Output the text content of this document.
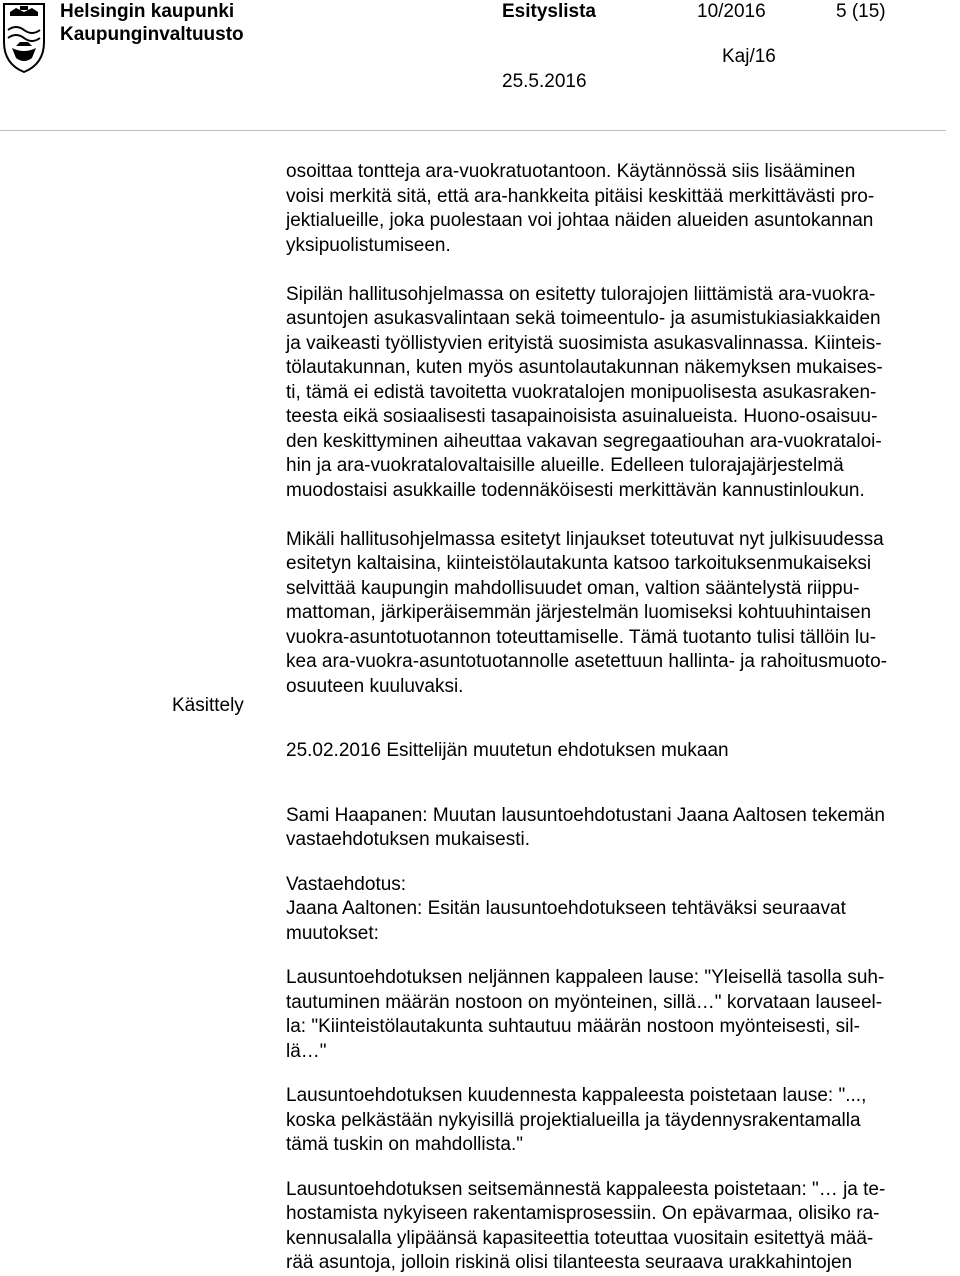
Helsingin kaupunki
Kaupunginvaltuusto
Esityslista	10/2016	5 (15)
Kaj/16
25.5.2016
Käsittely

osoittaa tontteja ara-vuokratuotantoon. Käytännössä siis lisääminen
voisi merkitä sitä, että ara-hankkeita pitäisi keskittää merkittävästi pro-
jektialueille, joka puolestaan voi johtaa näiden alueiden asuntokannan
yksipuolistumiseen.

Sipilän hallitusohjelmassa on esitetty tulorajojen liittämistä ara-vuokra-
asuntojen asukasvalintaan sekä toimeentulo- ja asumistukiasiakkaiden
ja vaikeasti työllistyvien erityistä suosimista asukasvalinnassa. Kiinteis-
tölautakunnan, kuten myös asuntolautakunnan näkemyksen mukaises-
ti, tämä ei edistä tavoitetta vuokratalojen monipuolisesta asukasraken-
teesta eikä sosiaalisesti tasapainoisista asuinalueista. Huono-osaisuu-
den keskittyminen aiheuttaa vakavan segregaatiouhan ara-vuokrataloi-
hin ja ara-vuokratalovaltaisille alueille. Edelleen tulorajajärjestelmä
muodostaisi asukkaille todennäköisesti merkittävän kannustinloukun.

Mikäli hallitusohjelmassa esitetyt linjaukset toteutuvat nyt julkisuudessa
esitetyn kaltaisina, kiinteistölautakunta katsoo tarkoituksenmukaiseksi
selvittää kaupungin mahdollisuudet oman, valtion sääntelystä riippu-
mattoman, järkiperäisemmän järjestelmän luomiseksi kohtuuhintaisen
vuokra-asuntotuotannon toteuttamiselle. Tämä tuotanto tulisi tällöin lu-
kea ara-vuokra-asuntotuotannolle asetettuun hallinta- ja rahoitusmuoto-
osuuteen kuuluvaksi.

25.02.2016 Esittelijän muutetun ehdotuksen mukaan

Sami Haapanen: Muutan lausuntoehdotustani Jaana Aaltosen tekemän
vastaehdotuksen mukaisesti.

Vastaehdotus:
Jaana Aaltonen: Esitän lausuntoehdotukseen tehtäväksi seuraavat
muutokset:

Lausuntoehdotuksen neljännen kappaleen lause: "Yleisellä tasolla suh-
tautuminen määrän nostoon on myönteinen, sillä…" korvataan lauseel-
la: "Kiinteistölautakunta suhtautuu määrän nostoon myönteisesti, sil-
lä…"

Lausuntoehdotuksen kuudennesta kappaleesta poistetaan lause: "...,
koska pelkästään nykyisillä projektialueilla ja täydennysrakentamalla
tämä tuskin on mahdollista."

Lausuntoehdotuksen seitsemännestä kappaleesta poistetaan: "… ja te-
hostamista nykyiseen rakentamisprosessiin. On epävarmaa, olisiko ra-
kennusalalla ylipäänsä kapasiteettia toteuttaa vuositain esitettyä mää-
rää asuntoja, jolloin riskinä olisi tilanteesta seuraava urakkahintojen
